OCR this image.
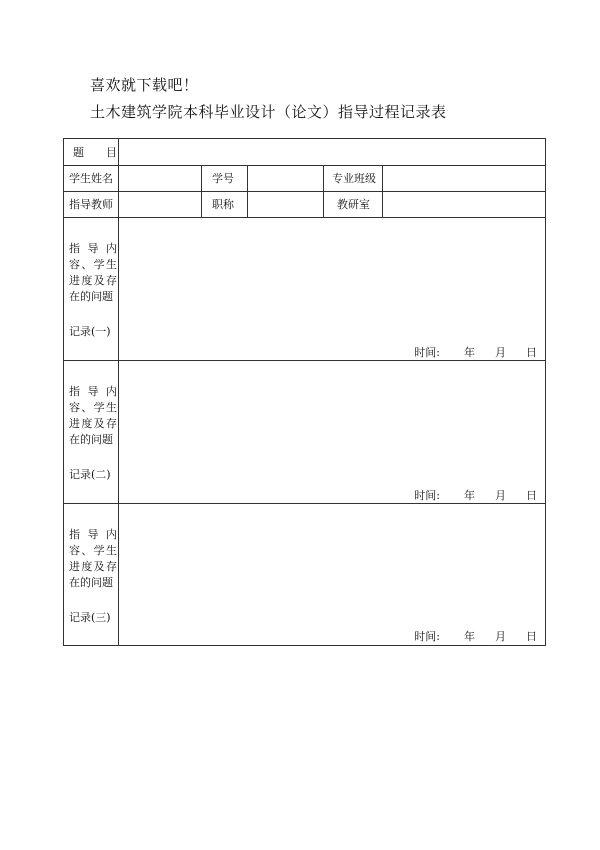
喜欢就下载吧！
土木建筑学院本科毕业设计（论文）指导过程记录表
题　　目
学生姓名	学号	专业班级
指导教师	职称	教研室
指 导 内容、学生进度及存在的问题
记录(一)
时间: 年 月 日
指 导 内容、学生进度及存在的问题
记录(二)
时间: 年 月 日
指 导 内容、学生进度及存在的问题
记录(三)
时间: 年 月 日
